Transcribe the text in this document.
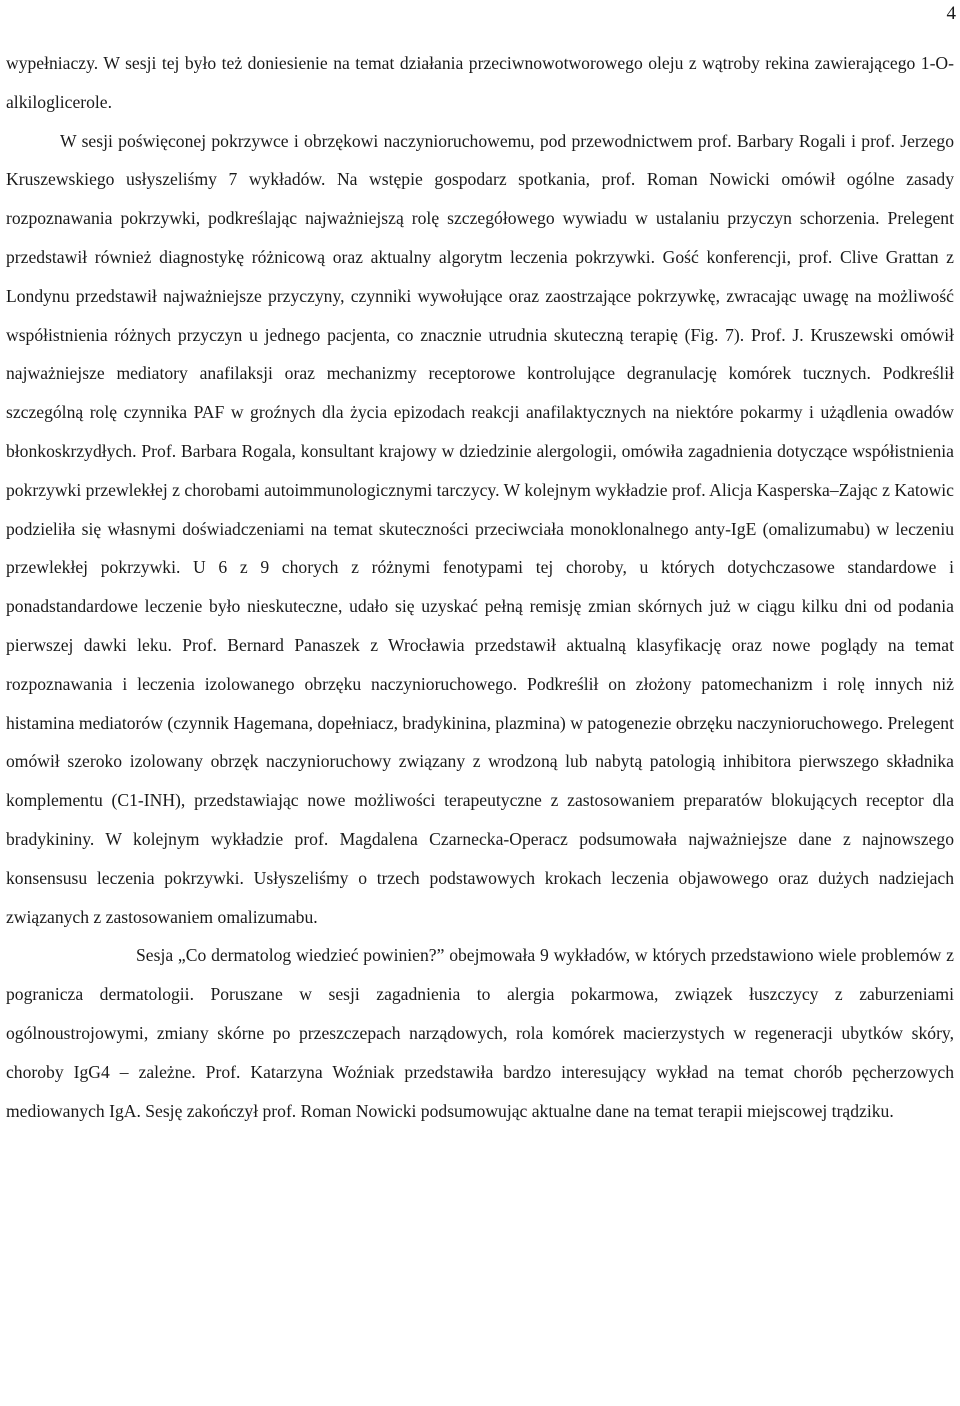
4

wypełniaczy. W sesji tej było też doniesienie na temat działania przeciwnowotworowego oleju z wątroby rekina zawierającego 1-O-alkiloglicerole.

W sesji poświęconej pokrzywce i obrzękowi naczynioruchowemu, pod przewodnictwem prof. Barbary Rogali i prof. Jerzego Kruszewskiego usłyszeliśmy 7 wykładów. Na wstępie gospodarz spotkania, prof. Roman Nowicki omówił ogólne zasady rozpoznawania pokrzywki, podkreślając najważniejszą rolę szczegółowego wywiadu w ustalaniu przyczyn schorzenia. Prelegent przedstawił również diagnostykę różnicową oraz aktualny algorytm leczenia pokrzywki. Gość konferencji, prof. Clive Grattan z Londynu przedstawił najważniejsze przyczyny, czynniki wywołujące oraz zaostrzające pokrzywkę, zwracając uwagę na możliwość współistnienia różnych przyczyn u jednego pacjenta, co znacznie utrudnia skuteczną terapię (Fig. 7). Prof. J. Kruszewski omówił najważniejsze mediatory anafilaksji oraz mechanizmy receptorowe kontrolujące degranulację komórek tucznych. Podkreślił szczególną rolę czynnika PAF w groźnych dla życia epizodach reakcji anafilaktycznych na niektóre pokarmy i użądlenia owadów błonkoskrzydłych. Prof. Barbara Rogala, konsultant krajowy w dziedzinie alergologii, omówiła zagadnienia dotyczące współistnienia pokrzywki przewlekłej z chorobami autoimmunologicznymi tarczycy. W kolejnym wykładzie prof. Alicja Kasperska–Zając z Katowic podzieliła się własnymi doświadczeniami na temat skuteczności przeciwciała monoklonalnego anty-IgE (omalizumabu) w leczeniu przewlekłej pokrzywki. U 6 z 9 chorych z różnymi fenotypami tej choroby, u których dotychczasowe standardowe i ponadstandardowe leczenie było nieskuteczne, udało się uzyskać pełną remisję zmian skórnych już w ciągu kilku dni od podania pierwszej dawki leku. Prof. Bernard Panaszek z Wrocławia przedstawił aktualną klasyfikację oraz nowe poglądy na temat rozpoznawania i leczenia izolowanego obrzęku naczynioruchowego. Podkreślił on złożony patomechanizm i rolę innych niż histamina mediatorów (czynnik Hagemana, dopełniacz, bradykinina, plazmina) w patogenezie obrzęku naczynioruchowego. Prelegent omówił szeroko izolowany obrzęk naczynioruchowy związany z wrodzoną lub nabytą patologią inhibitora pierwszego składnika komplementu (C1-INH), przedstawiając nowe możliwości terapeutyczne z zastosowaniem preparatów blokujących receptor dla bradykininy. W kolejnym wykładzie prof. Magdalena Czarnecka-Operacz podsumowała najważniejsze dane z najnowszego konsensusu leczenia pokrzywki. Usłyszeliśmy o trzech podstawowych krokach leczenia objawowego oraz dużych nadziejach związanych z zastosowaniem omalizumabu.

Sesja „Co dermatolog wiedzieć powinien?” obejmowała 9 wykładów, w których przedstawiono wiele problemów z pogranicza dermatologii. Poruszane w sesji zagadnienia to alergia pokarmowa, związek łuszczycy z zaburzeniami ogólnoustrojowymi, zmiany skórne po przeszczepach narządowych, rola komórek macierzystych w regeneracji ubytków skóry, choroby IgG4 – zależne. Prof. Katarzyna Woźniak przedstawiła bardzo interesujący wykład na temat chorób pęcherzowych mediowanych IgA. Sesję zakończył prof. Roman Nowicki podsumowując aktualne dane na temat terapii miejscowej trądziku.
